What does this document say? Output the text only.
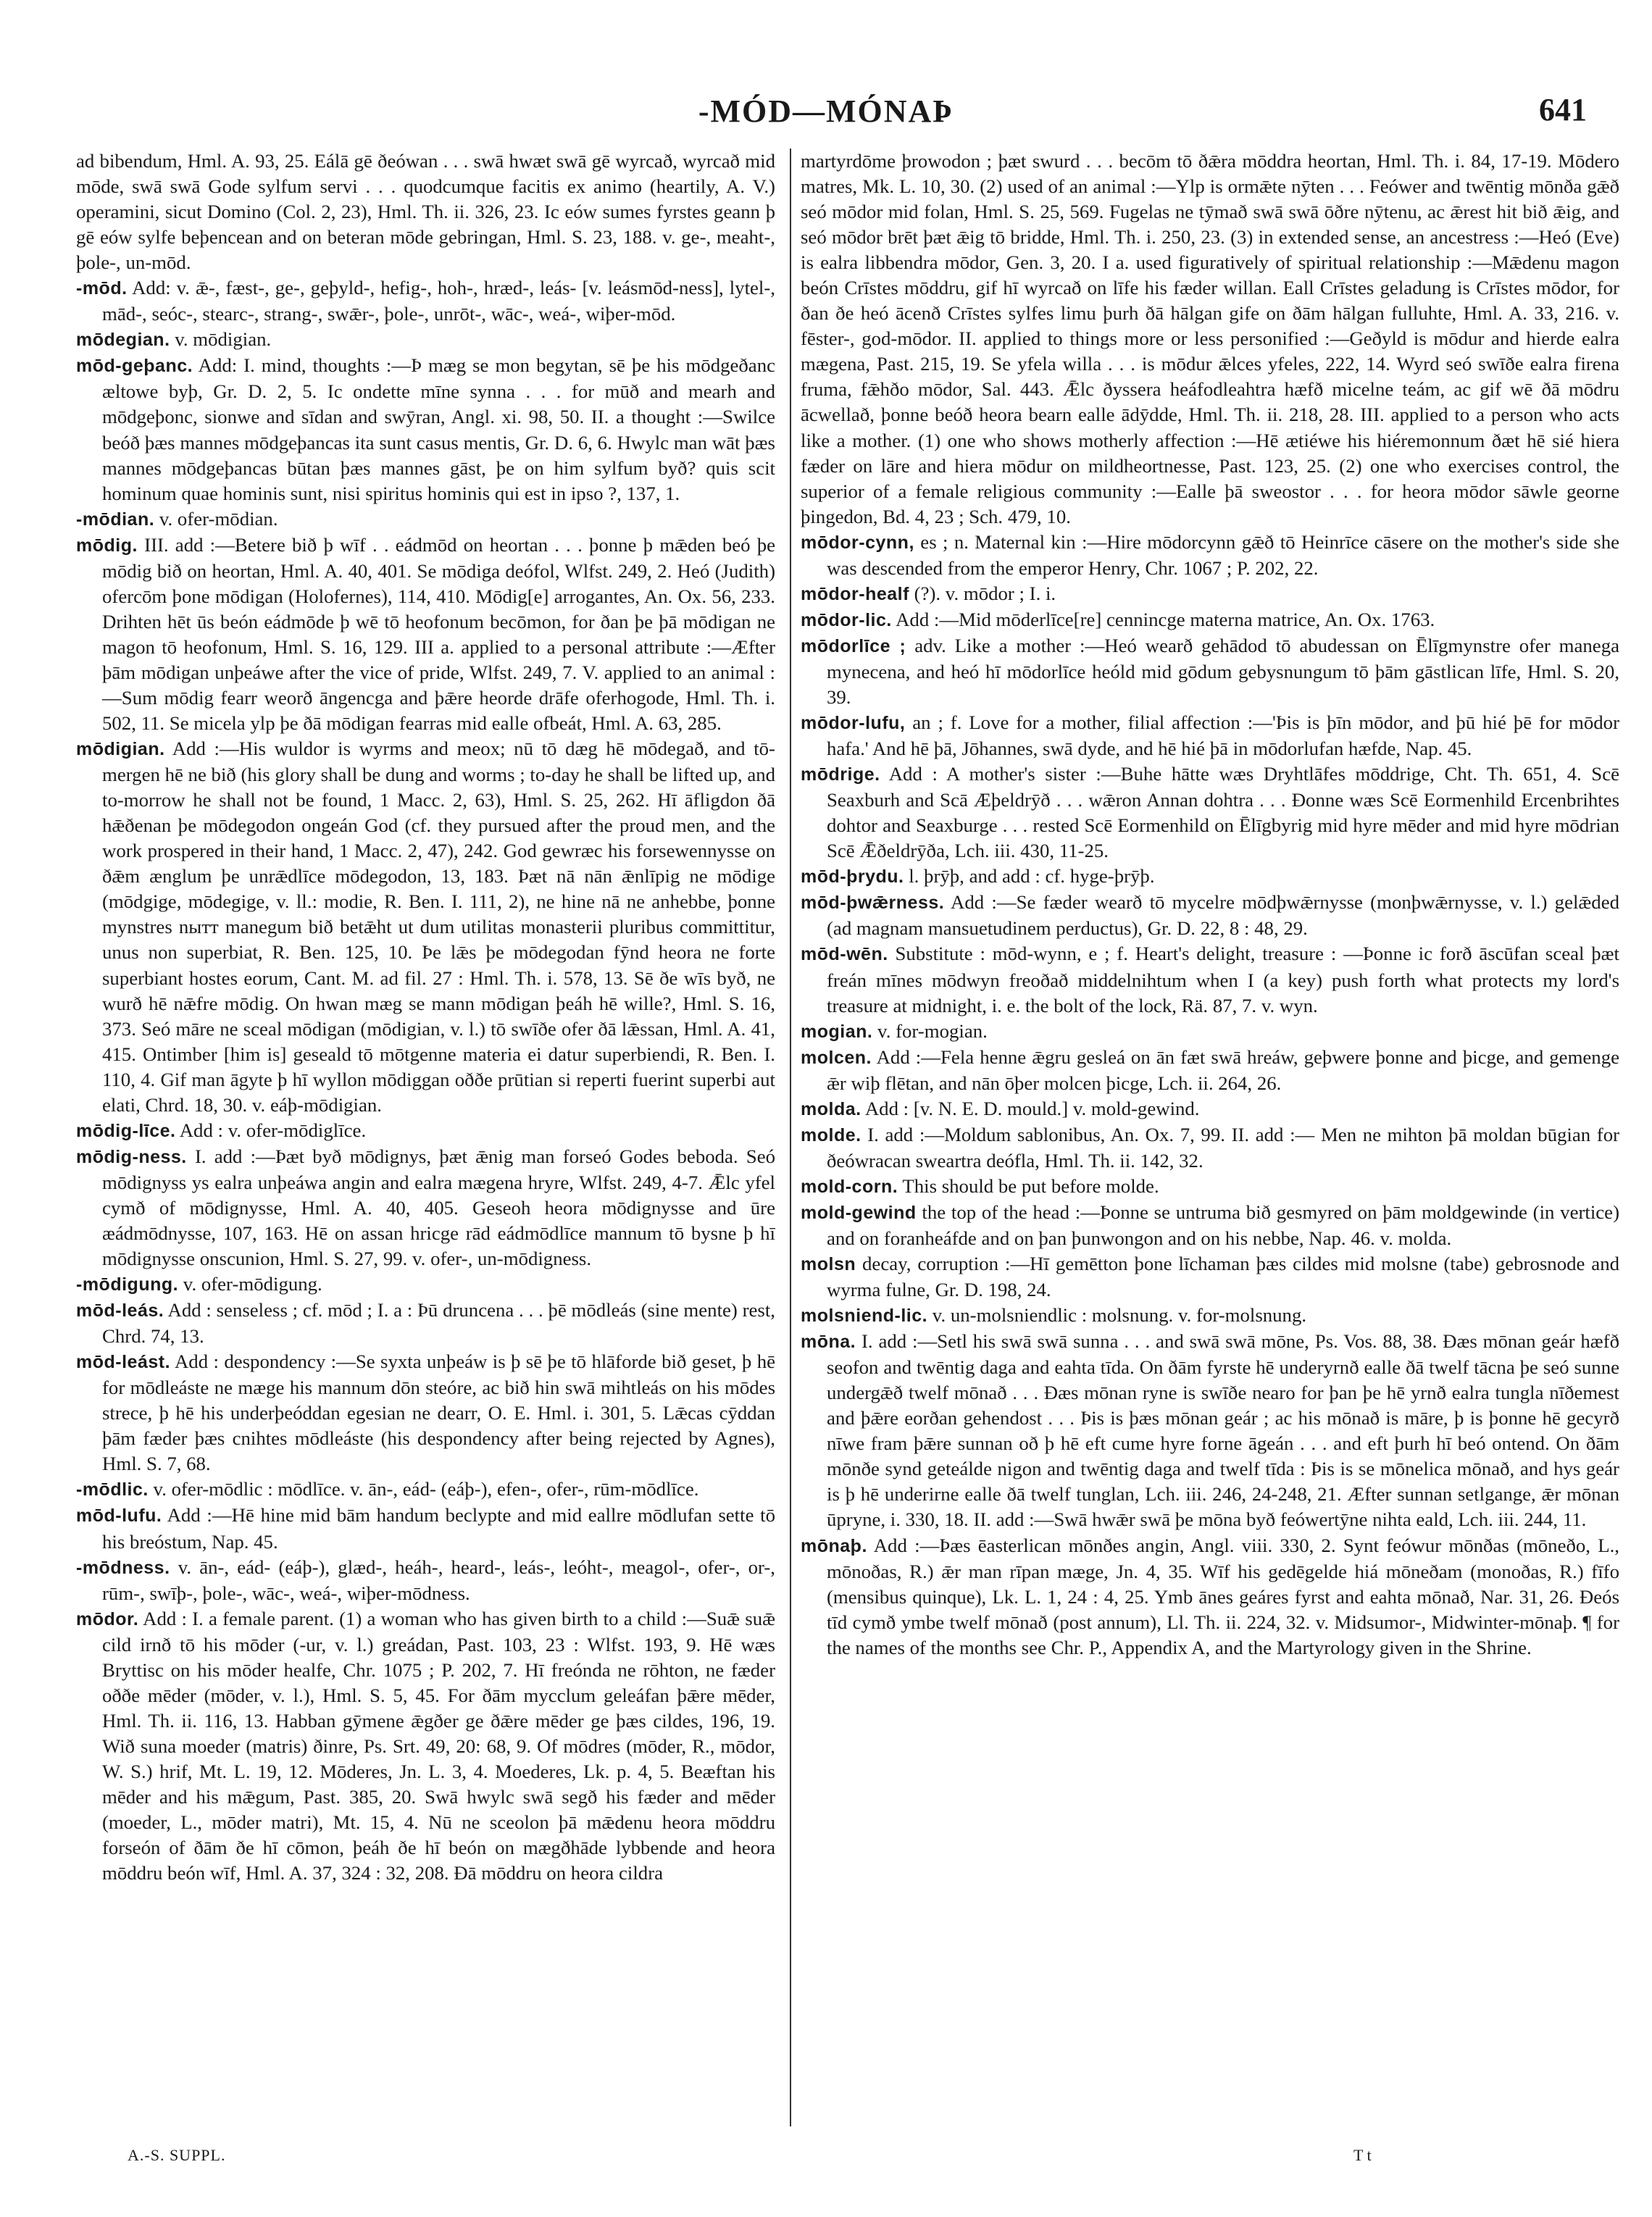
-MÓD—MÓNAÞ	641

ad bibendum, Hml. A. 93, 25. Eálā gē ðeówan . . . swā hwæt swā gē wyrcað, wyrcað mid mōde, swā swā Gode sylfum servi . . . quodcumque facitis ex animo (heartily, A. V.) operamini, sicut Domino (Col. 2, 23), Hml. Th. ii. 326, 23. Ic eów sumes fyrstes geann þ gē eów sylfe beþencean and on beteran mōde gebringan, Hml. S. 23, 188. v. ge-, meaht-, þole-, un-mōd.

-mōd. Add: v. ǣ-, fæst-, ge-, geþyld-, hefig-, hoh-, hræd-, leás- [v. leásmōd-ness], lytel-, mād-, seóc-, stearc-, strang-, swǣr-, þole-, unrōt-, wāc-, weá-, wiþer-mōd.

mōdegian. v. mōdigian.

mōd-geþanc. Add: I. mind, thoughts :—Þ mæg se mon begytan, sē þe his mōdgeðanc æltowe byþ, Gr. D. 2, 5. Ic ondette mīne synna . . . for mūð and mearh and mōdgeþonc, sionwe and sīdan and swȳran, Angl. xi. 98, 50. II. a thought :—Swilce beóð þæs mannes mōdgeþancas ita sunt casus mentis, Gr. D. 6, 6. Hwylc man wāt þæs mannes mōdgeþancas būtan þæs mannes gāst, þe on him sylfum byð? quis scit hominum quae hominis sunt, nisi spiritus hominis qui est in ipso ?, 137, 1.

-mōdian. v. ofer-mōdian.

mōdig. III. add :—Betere bið þ wīf . . eádmōd on heortan . . . þonne þ mǣden beó þe mōdig bið on heortan, Hml. A. 40, 401. Se mōdiga deófol, Wlfst. 249, 2. Heó (Judith) ofercōm þone mōdigan (Holofernes), 114, 410. Mōdig[e] arrogantes, An. Ox. 56, 233. Drihten hēt ūs beón eádmōde þ wē tō heofonum becōmon, for ðan þe þā mōdigan ne magon tō heofonum, Hml. S. 16, 129. III a. applied to a personal attribute :—Æfter þām mōdigan unþeáwe after the vice of pride, Wlfst. 249, 7. V. applied to an animal :—Sum mōdig fearr weorð āngencga and þǣre heorde drāfe oferhogode, Hml. Th. i. 502, 11. Se micela ylp þe ðā mōdigan fearras mid ealle ofbeát, Hml. A. 63, 285.

mōdigian. Add :—His wuldor is wyrms and meox; nū tō dæg hē mōdegað, and tō-mergen hē ne bið (his glory shall be dung and worms ; to-day he shall be lifted up, and to-morrow he shall not be found, 1 Macc. 2, 63), Hml. S. 25, 262. Hī āfligdon ðā hǣðenan þe mōdegodon ongeán God (cf. they pursued after the proud men, and the work prospered in their hand, 1 Macc. 2, 47), 242. God gewræc his forsewennysse on ðǣm ænglum þe unrǣdlīce mōdegodon, 13, 183. Þæt nā nān ǣnlīpig ne mōdige (mōdgige, mōdegige, v. ll.: modie, R. Ben. I. 111, 2), ne hine nā ne anhebbe, þonne mynstres nытт manegum bið betǣht ut dum utilitas monasterii pluribus committitur, unus non superbiat, R. Ben. 125, 10. Þe lǣs þe mōdegodan fȳnd heora ne forte superbiant hostes eorum, Cant. M. ad fil. 27 : Hml. Th. i. 578, 13. Sē ðe wīs byð, ne wurð hē nǣfre mōdig. On hwan mæg se mann mōdigan þeáh hē wille?, Hml. S. 16, 373. Seó māre ne sceal mōdigan (mōdigian, v. l.) tō swīðe ofer ðā lǣssan, Hml. A. 41, 415. Ontimber [him is] geseald tō mōtgenne materia ei datur superbiendi, R. Ben. I. 110, 4. Gif man āgyte þ hī wyllon mōdiggan oððe prūtian si reperti fuerint superbi aut elati, Chrd. 18, 30. v. eáþ-mōdigian.

mōdig-līce. Add : v. ofer-mōdiglīce.

mōdig-ness. I. add :—Þæt byð mōdignys, þæt ǣnig man forseó Godes beboda. Seó mōdignyss ys ealra unþeáwa angin and ealra mægena hryre, Wlfst. 249, 4-7. Ǣlc yfel cymð of mōdignysse, Hml. A. 40, 405. Geseoh heora mōdignysse and ūre æádmōdnysse, 107, 163. Hē on assan hricge rād eádmōdlīce mannum tō bysne þ hī mōdignysse onscunion, Hml. S. 27, 99. v. ofer-, un-mōdigness.

-mōdigung. v. ofer-mōdigung.

mōd-leás. Add : senseless ; cf. mōd ; I. a : Þū druncena . . . þē mōdleás (sine mente) rest, Chrd. 74, 13.

mōd-leást. Add : despondency :—Se syxta unþeáw is þ sē þe tō hlāforde bið geset, þ hē for mōdleáste ne mæge his mannum dōn steóre, ac bið hin swā mihtleás on his mōdes strece, þ hē his underþeóddan egesian ne dearr, O. E. Hml. i. 301, 5. Lǣcas cȳddan þām fæder þæs cnihtes mōdleáste (his despondency after being rejected by Agnes), Hml. S. 7, 68.

-mōdlic. v. ofer-mōdlic : mōdlīce. v. ān-, eád- (eáþ-), efen-, ofer-, rūm-mōdlīce.

mōd-lufu. Add :—Hē hine mid bām handum beclypte and mid eallre mōdlufan sette tō his breóstum, Nap. 45.

-mōdness. v. ān-, eád- (eáþ-), glæd-, heáh-, heard-, leás-, leóht-, meagol-, ofer-, or-, rūm-, swīþ-, þole-, wāc-, weá-, wiþer-mōdness.

mōdor. Add : I. a female parent. (1) a woman who has given birth to a child :—Suǣ suǣ cild irnð tō his mōder (-ur, v. l.) greádan, Past. 103, 23 : Wlfst. 193, 9. Hē wæs Bryttisc on his mōder healfe, Chr. 1075 ; P. 202, 7. Hī freónda ne rōhton, ne fæder oððe mēder (mōder, v. l.), Hml. S. 5, 45. For ðām mycclum geleáfan þǣre mēder, Hml. Th. ii. 116, 13. Habban gȳmene ǣgðer ge ðǣre mēder ge þæs cildes, 196, 19. Wið suna moeder (matris) ðinre, Ps. Srt. 49, 20: 68, 9. Of mōdres (mōder, R., mōdor, W. S.) hrif, Mt. L. 19, 12. Mōderes, Jn. L. 3, 4. Moederes, Lk. p. 4, 5. Beæftan his mēder and his mǣgum, Past. 385, 20. Swā hwylc swā segð his fæder and mēder (moeder, L., mōder matri), Mt. 15, 4. Nū ne sceolon þā mǣdenu heora mōddru forseón of ðām ðe hī cōmon, þeáh ðe hī beón on mægðhāde lybbende and heora mōddru beón wīf, Hml. A. 37, 324 : 32, 208. Ðā mōddru on heora cildra

martyrdōme þrowodon ; þæt swurd . . . becōm tō ðǣra mōddra heortan, Hml. Th. i. 84, 17-19. Mōdero matres, Mk. L. 10, 30. (2) used of an animal :—Ylp is ormǣte nȳten . . . Feówer and twēntig mōnða gǣð seó mōdor mid folan, Hml. S. 25, 569. Fugelas ne tȳmað swā swā ōðre nȳtenu, ac ǣrest hit bið ǣig, and seó mōdor brēt þæt ǣig tō bridde, Hml. Th. i. 250, 23. (3) in extended sense, an ancestress :—Heó (Eve) is ealra libbendra mōdor, Gen. 3, 20. I a. used figuratively of spiritual relationship :—Mǣdenu magon beón Crīstes mōddru, gif hī wyrcað on līfe his fæder willan. Eall Crīstes geladung is Crīstes mōdor, for ðan ðe heó ācenð Crīstes sylfes limu þurh ðā hālgan gife on ðām hālgan fulluhte, Hml. A. 33, 216. v. fēster-, god-mōdor. II. applied to things more or less personified :—Geðyld is mōdur and hierde ealra mægena, Past. 215, 19. Se yfela willa . . . is mōdur ǣlces yfeles, 222, 14. Wyrd seó swīðe ealra firena fruma, fǣhðo mōdor, Sal. 443. Ǣlc ðyssera heáfodleahtra hæfð micelne teám, ac gif wē ðā mōdru ācwellað, þonne beóð heora bearn ealle ādȳdde, Hml. Th. ii. 218, 28. III. applied to a person who acts like a mother. (1) one who shows motherly affection :—Hē ætiéwe his hiéremonnum ðæt hē sié hiera fæder on lāre and hiera mōdur on mildheortnesse, Past. 123, 25. (2) one who exercises control, the superior of a female religious community :—Ealle þā sweostor . . . for heora mōdor sāwle georne þingedon, Bd. 4, 23 ; Sch. 479, 10.

mōdor-cynn, es ; n. Maternal kin :—Hire mōdorcynn gǣð tō Heinrīce cāsere on the mother's side she was descended from the emperor Henry, Chr. 1067 ; P. 202, 22.

mōdor-healf (?). v. mōdor ; I. i.

mōdor-lic. Add :—Mid mōderlīce[re] cennincge materna matrice, An. Ox. 1763.

mōdorlīce ; adv. Like a mother :—Heó wearð gehādod tō abudessan on Ēlīgmynstre ofer manega mynecena, and heó hī mōdorlīce heóld mid gōdum gebysnungum tō þām gāstlican līfe, Hml. S. 20, 39.

mōdor-lufu, an ; f. Love for a mother, filial affection :—'Þis is þīn mōdor, and þū hié þē for mōdor hafa.' And hē þā, Jōhannes, swā dyde, and hē hié þā in mōdorlufan hæfde, Nap. 45.

mōdrige. Add : A mother's sister :—Buhe hātte wæs Dryhtlāfes mōddrige, Cht. Th. 651, 4. Scē Seaxburh and Scā Æþeldrȳð . . . wǣron Annan dohtra . . . Ðonne wæs Scē Eormenhild Ercenbrihtes dohtor and Seaxburge . . . rested Scē Eormenhild on Ēlīgbyrig mid hyre mēder and mid hyre mōdrian Scē Ǣðeldrȳða, Lch. iii. 430, 11-25.

mōd-þrydu. l. þrȳþ, and add : cf. hyge-þrȳþ.

mōd-þwǣrness. Add :—Se fæder wearð tō mycelre mōdþwǣrnysse (monþwǣrnysse, v. l.) gelǣded (ad magnam mansuetudinem perductus), Gr. D. 22, 8 : 48, 29.

mōd-wēn. Substitute : mōd-wynn, e ; f. Heart's delight, treasure : —Þonne ic forð āscūfan sceal þæt freán mīnes mōdwyn freoðað middelnihtum when I (a key) push forth what protects my lord's treasure at midnight, i. e. the bolt of the lock, Rä. 87, 7. v. wyn.

mogian. v. for-mogian.

molcen. Add :—Fela henne ǣgru gesleá on ān fæt swā hreáw, geþwere þonne and þicge, and gemenge ǣr wiþ flētan, and nān ōþer molcen þicge, Lch. ii. 264, 26.

molda. Add : [v. N. E. D. mould.] v. mold-gewind.

molde. I. add :—Moldum sablonibus, An. Ox. 7, 99. II. add :— Men ne mihton þā moldan būgian for ðeówracan sweartra deófla, Hml. Th. ii. 142, 32.

mold-corn. This should be put before molde.

mold-gewind the top of the head :—Þonne se untruma bið gesmyred on þām moldgewinde (in vertice) and on foranheáfde and on þan þunwongon and on his nebbe, Nap. 46. v. molda.

molsn decay, corruption :—Hī gemētton þone līchaman þæs cildes mid molsne (tabe) gebrosnode and wyrma fulne, Gr. D. 198, 24.

molsniend-lic. v. un-molsniendlic : molsnung. v. for-molsnung.

mōna. I. add :—Setl his swā swā sunna . . . and swā swā mōne, Ps. Vos. 88, 38. Ðæs mōnan geár hæfð seofon and twēntig daga and eahta tīda. On ðām fyrste hē underyrnð ealle ðā twelf tācna þe seó sunne undergǣð twelf mōnað . . . Ðæs mōnan ryne is swīðe nearo for þan þe hē yrnð ealra tungla nīðemest and þǣre eorðan gehendost . . . Þis is þæs mōnan geár ; ac his mōnað is māre, þ is þonne hē gecyrð nīwe fram þǣre sunnan oð þ hē eft cume hyre forne āgeán . . . and eft þurh hī beó ontend. On ðām mōnðe synd geteálde nigon and twēntig daga and twelf tīda : Þis is se mōnelica mōnað, and hys geár is þ hē underirne ealle ðā twelf tunglan, Lch. iii. 246, 24-248, 21. Æfter sunnan setlgange, ǣr mōnan ūpryne, i. 330, 18. II. add :—Swā hwǣr swā þe mōna byð feówertȳne nihta eald, Lch. iii. 244, 11.

mōnaþ. Add :—Þæs ēasterlican mōnðes angin, Angl. viii. 330, 2. Synt feówur mōnðas (mōneðo, L., mōnoðas, R.) ǣr man rīpan mæge, Jn. 4, 35. Wīf his gedēgelde hiá mōneðam (monoðas, R.) fīfo (mensibus quinque), Lk. L. 1, 24 : 4, 25. Ymb ānes geáres fyrst and eahta mōnað, Nar. 31, 26. Ðeós tīd cymð ymbe twelf mōnað (post annum), Ll. Th. ii. 224, 32. v. Midsumor-, Midwinter-mōnaþ. ¶ for the names of the months see Chr. P., Appendix A, and the Martyrology given in the Shrine.

A.-S. SUPPL.	T t
